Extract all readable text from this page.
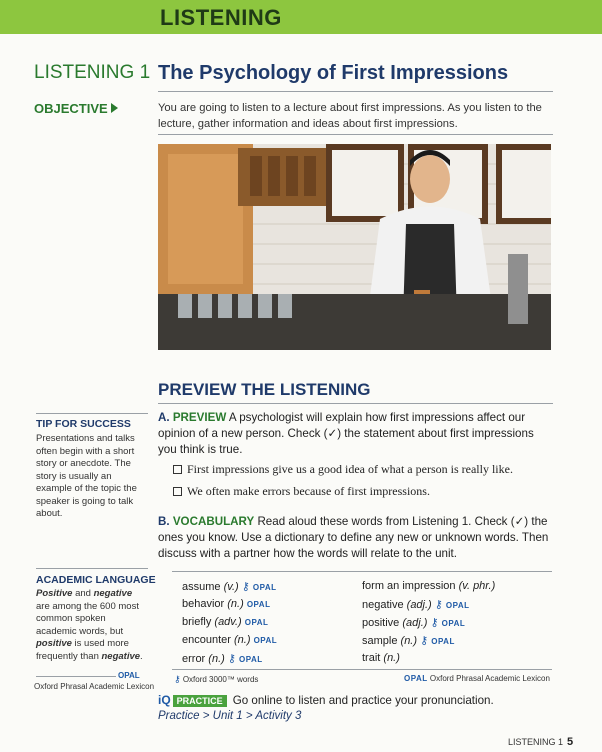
LISTENING
LISTENING 1 The Psychology of First Impressions
OBJECTIVE	You are going to listen to a lecture about first impressions. As you listen to the lecture, gather information and ideas about first impressions.
PREVIEW THE LISTENING
TIP FOR SUCCESS
Presentations and talks often begin with a short story or anecdote. The story is usually an example of the topic the speaker is going to talk about.
ACADEMIC LANGUAGE
Positive and negative are among the 600 most common spoken academic words, but positive is used more frequently than negative.
OPAL
Oxford Phrasal Academic Lexicon
A. PREVIEW A psychologist will explain how first impressions affect our opinion of a new person. Check (✓) the statement about first impressions you think is true.
First impressions give us a good idea of what a person is really like.
We often make errors because of first impressions.
B. VOCABULARY Read aloud these words from Listening 1. Check (✓) the ones you know. Use a dictionary to define any new or unknown words. Then discuss with a partner how the words will relate to the unit.
assume (v.) ⚷ OPAL
behavior (n.) OPAL
briefly (adv.) OPAL
encounter (n.) OPAL
error (n.) ⚷ OPAL
form an impression (v. phr.)
negative (adj.) ⚷ OPAL
positive (adj.) ⚷ OPAL
sample (n.) ⚷ OPAL
trait (n.)
⚷ Oxford 3000™ words	OPAL Oxford Phrasal Academic Lexicon
iQ PRACTICE Go online to listen and practice your pronunciation.
Practice > Unit 1 > Activity 3
LISTENING 1 5
